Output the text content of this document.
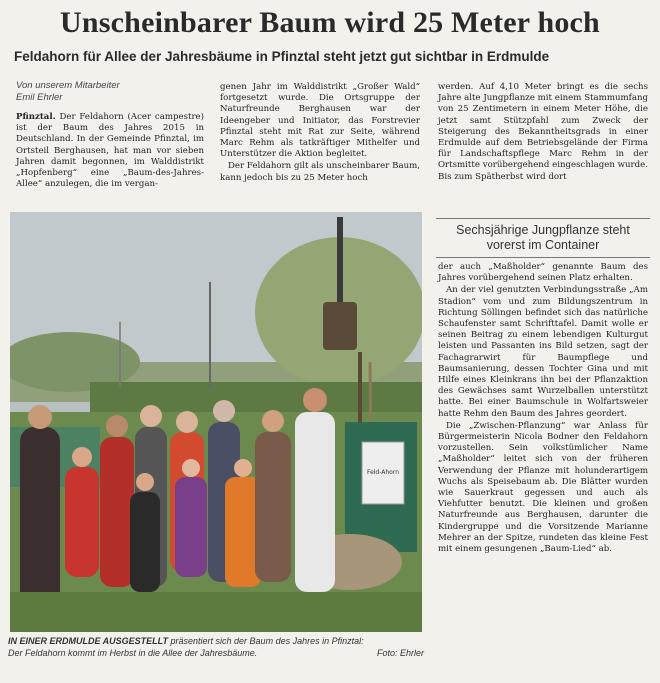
Unscheinbarer Baum wird 25 Meter hoch
Feldahorn für Allee der Jahresbäume in Pfinztal steht jetzt gut sichtbar in Erdmulde
Von unserem Mitarbeiter
Emil Ehrler

Pfinztal. Der Feldahorn (Acer campestre) ist der Baum des Jahres 2015 in Deutschland. In der Gemeinde Pfinztal, im Ortsteil Berghausen, hat man vor sieben Jahren damit begonnen, im Walddistrikt „Hopfenberg“ eine „Baum-des-Jahres-Allee“ anzulegen, die im vergan-

genen Jahr im Walddistrikt „Großer Wald“ fortgesetzt wurde. Die Ortsgruppe der Naturfreunde Berghausen war der Ideengeber und Initiator, das Forstrevier Pfinztal steht mit Rat zur Seite, während Marc Rehm als tatkräftiger Mithelfer und Unterstützer die Aktion begleitet.

Der Feldahorn gilt als unscheinbarer Baum, kann jedoch bis zu 25 Meter hoch

werden. Auf 4,10 Meter bringt es die sechs Jahre alte Jungpflanze mit einem Stammumfang von 25 Zentimetern in einem Meter Höhe, die jetzt samt Stützpfahl zum Zweck der Steigerung des Bekanntheitsgrads in einer Erdmulde auf dem Betriebsgelände der Firma für Landschaftspflege Marc Rehm in der Ortsmitte vorübergehend eingeschlagen wurde. Bis zum Spätherbst wird dort

Sechsjährige Jungpflanze steht vorerst im Container

der auch „Maßholder“ genannte Baum des Jahres vorübergehend seinen Platz erhalten.

An der viel genutzten Verbindungsstraße „Am Stadion“ vom und zum Bildungszentrum in Richtung Söllingen befindet sich das natürliche Schaufenster samt Schrifttafel. Damit wolle er seinen Beitrag zu einem lebendigen Kulturgut leisten und Passanten ins Bild setzen, sagt der Fachagrarwirt für Baumpflege und Baumsanierung, dessen Tochter Gina und mit Hilfe eines Kleinkrans ihn bei der Pflanzaktion des Gewächses samt Wurzelballen unterstützt hatte. Bei einer Baumschule in Wolfartsweier hatte Rehm den Baum des Jahres geordert.

Die „Zwischen-Pflanzung“ war Anlass für Bürgermeisterin Nicola Bodner den Feldahorn vorzustellen. Sein volkstümlicher Name „Maßholder“ leitet sich von der früheren Verwendung der Pflanze mit holunderartigem Wuchs als Speisebaum ab. Die Blätter wurden wie Sauerkraut gegessen und auch als Viehfutter benutzt. Die kleinen und großen Naturfreunde aus Berghausen, darunter die Kindergruppe und die Vorsitzende Marianne Mehrer an der Spitze, rundeten das kleine Fest mit einem gesungenen „Baum-Lied“ ab.

Feld-Ahorn
IN EINER ERDMULDE AUSGESTELLT präsentiert sich der Baum des Jahres in Pfinztal:
Der Feldahorn kommt im Herbst in die Allee der Jahresbäume.	Foto: Ehrler
